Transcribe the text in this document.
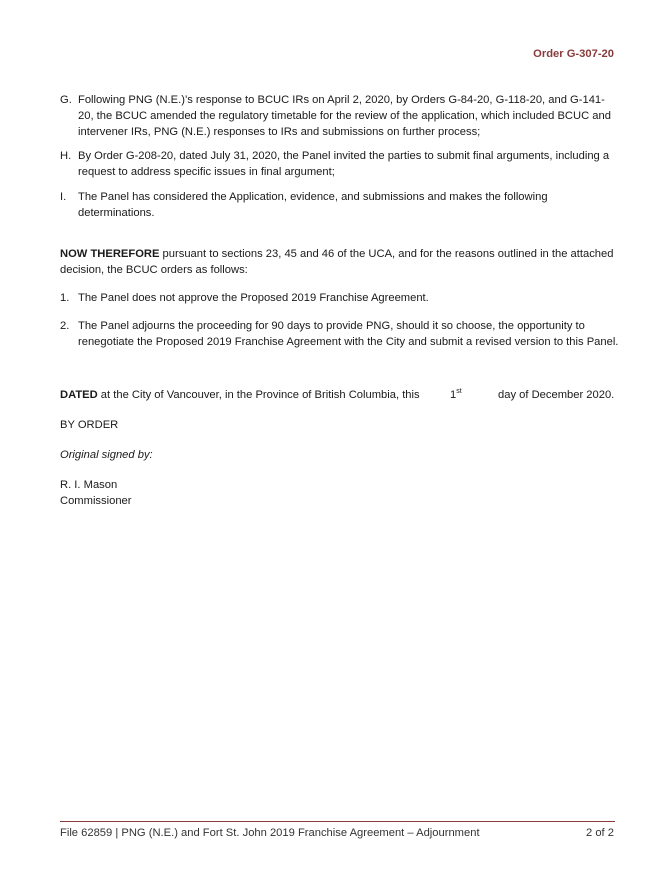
Order G-307-20

G. Following PNG (N.E.)’s response to BCUC IRs on April 2, 2020, by Orders G-84-20, G-118-20, and G-141-20, the BCUC amended the regulatory timetable for the review of the application, which included BCUC and intervener IRs, PNG (N.E.) responses to IRs and submissions on further process;
H. By Order G-208-20, dated July 31, 2020, the Panel invited the parties to submit final arguments, including a request to address specific issues in final argument;
I.	The Panel has considered the Application, evidence, and submissions and makes the following determinations.

NOW THEREFORE pursuant to sections 23, 45 and 46 of the UCA, and for the reasons outlined in the attached decision, the BCUC orders as follows:

1. The Panel does not approve the Proposed 2019 Franchise Agreement.
2. The Panel adjourns the proceeding for 90 days to provide PNG, should it so choose, the opportunity to renegotiate the Proposed 2019 Franchise Agreement with the City and submit a revised version to this Panel.
DATED at the City of Vancouver, in the Province of British Columbia, this	1st	day of December 2020.

BY ORDER

Original signed by:

R. I. Mason
Commissioner

File 62859 | PNG (N.E.) and Fort St. John 2019 Franchise Agreement – Adjournment	2 of 2
